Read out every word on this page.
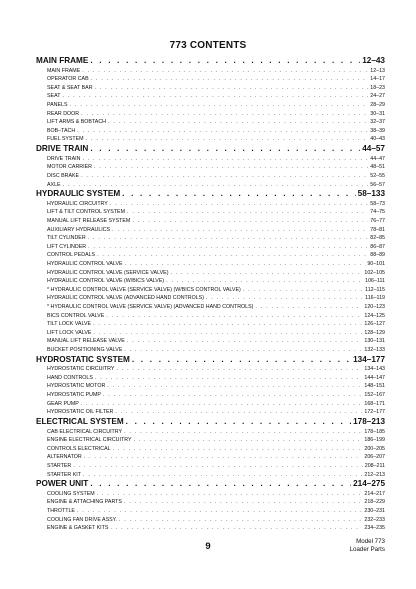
773 CONTENTS
MAIN FRAME . . .	12–43
MAIN FRAME . . .	12–13
OPERATOR CAB . . .	14–17
SEAT & SEAT BAR . . .	18–23
SEAT . . .	24–27
PANELS . . .	28–29
REAR DOOR . . .	30–31
LIFT ARMS & BOBTACH . . .	32–37
BOB–TACH . . .	38–39
FUEL SYSTEM . . .	40–43
DRIVE TRAIN . . .	44–57
DRIVE TRAIN . . .	44–47
MOTOR CARRIER . . .	48–51
DISC BRAKE . . .	52–55
AXLE . . .	56–57
HYDRAULIC SYSTEM . . .	58–133
HYDRAULIC CIRCUITRY . . .	58–73
LIFT & TILT CONTROL SYSTEM . . .	74–75
MANUAL LIFT RELEASE SYSTEM . . .	76–77
AUXILIARY HYDRAULICS . . .	78–81
TILT CYLINDER . . .	82–85
LIFT CYLINDER . . .	86–87
CONTROL PEDALS . . .	88–89
HYDRAULIC CONTROL VALVE . . .	90–101
HYDRAULIC CONTROL VALVE (SERVICE VALVE) . . .	102–105
HYDRAULIC CONTROL VALVE (W/BICS VALVE) . . .	106–111
* HYDRAULIC CONTROL VALVE (SERVICE VALVE) (W/BICS CONTROL VALVE) . . .	112–115
HYDRAULIC CONTROL VALVE (ADVANCED HAND CONTROLS) . . .	116–119
* HYDRAULIC CONTROL VALVE (SERVICE VALVE) (ADVANCED HAND CONTROLS) . . .	120–123
BICS CONTROL VALVE . . .	124–125
TILT LOCK VALVE . . .	126–127
LIFT LOCK VALVE . . .	128–129
MANUAL LIFT RELEASE VALVE . . .	130–131
BUCKET POSITIONING VALVE . . .	132–133
HYDROSTATIC SYSTEM . . .	134–177
HYDROSTATIC CIRCUITRY . . .	134–143
HAND CONTROLS . . .	144–147
HYDROSTATIC MOTOR . . .	148–151
HYDROSTATIC PUMP . . .	152–167
GEAR PUMP . . .	168–171
HYDROSTATIC OIL FILTER . . .	172–177
ELECTRICAL SYSTEM . . .	178–213
CAB ELECTRICAL CIRCUITRY . . .	178–185
ENGINE ELECTRICAL CIRCUITRY . . .	186–199
CONTROLS ELECTRICAL . . .	200–205
ALTERNATOR . . .	206–207
STARTER . . .	208–211
STARTER KIT . . .	212–213
POWER UNIT . . .	214–275
COOLING SYSTEM . . .	214–217
ENGINE & ATTACHING PARTS . . .	218–229
THROTTLE . . .	230–231
COOLING FAN DRIVE ASSY. . . .	232–233
ENGINE & GASKET KITS . . .	234–235
9	Model 773
Loader Parts
